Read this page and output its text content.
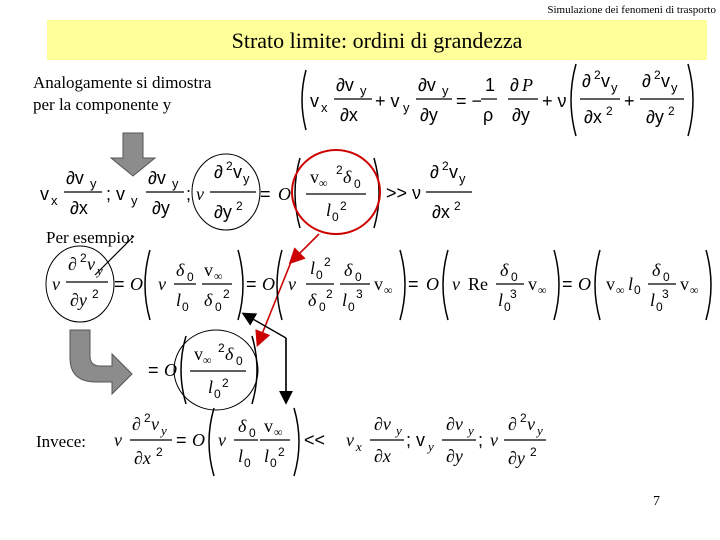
Simulazione dei fenomeni di trasporto
Strato limite: ordini di grandezza
Analogamente si dimostra
per la componente y	v x
∂v y
∂x
+ v y
∂v y
∂y
= −
1
ρ
∂ P
∂y
+ ν
∂ 2 v y
∂x 2 +
∂ 2 v y
∂y 2
v x
∂v y
∂x
; v y
∂v y
∂y
; ν
∂ 2 v y
∂y 2
= O
v ∞
2 δ 0
l 0
2
>> ν
∂ 2 v y
∂x 2
ν
∂ 2 v y
∂y 2 = O ν
δ 0
l 0
v ∞
δ 0
2 = O ν
l 0
2
δ 0
2
δ 0
l 0
3 v ∞ = O ν Re
δ 0
l 0
3 v ∞ = O v ∞ l 0
δ 0
l 0
3 v ∞
= O
v ∞
2 δ 0
l 0
2
ν
∂ 2 v y
∂x 2
= O ν
δ 0
l 0
v ∞
l 0
2
<< v x
∂v y
∂x
; v y
∂v y
∂y
; ν
∂ 2 v y
∂y 2
Per esempio:
Invece:
7
